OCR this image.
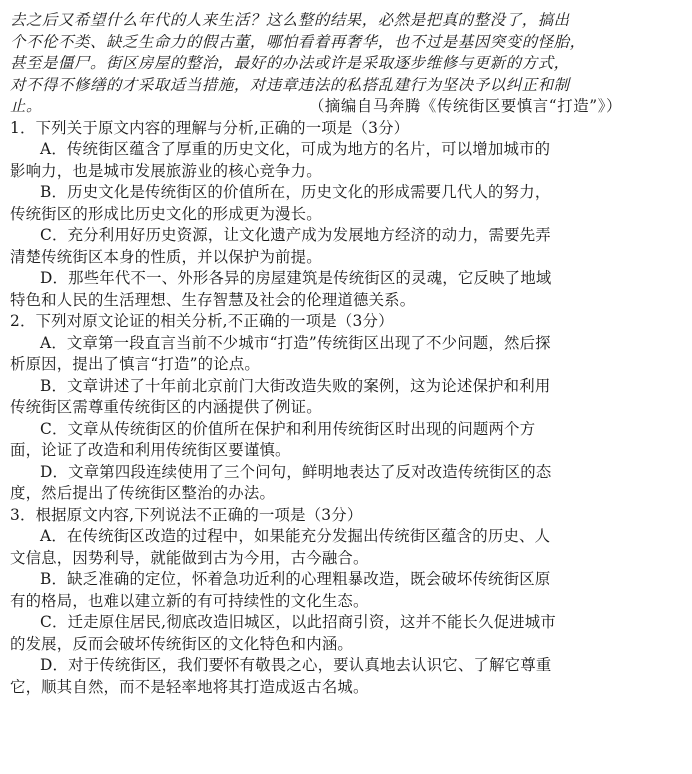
去之后又希望什么年代的人来生活？这么整的结果，必然是把真的整没了，搞出
个不伦不类、缺乏生命力的假古董，哪怕看着再奢华，也不过是基因突变的怪胎，
甚至是僵尸。街区房屋的整治，最好的办法或许是采取逐步维修与更新的方式，
对不得不修缮的才采取适当措施，对违章违法的私搭乱建行为坚决予以纠正和制
止。	（摘编自马奔腾《传统街区要慎言“打造”》）
1．下列关于原文内容的理解与分析,正确的一项是（3分）
A．传统街区蕴含了厚重的历史文化，可成为地方的名片，可以增加城市的
影响力，也是城市发展旅游业的核心竞争力。
B．历史文化是传统街区的价值所在，历史文化的形成需要几代人的努力，
传统街区的形成比历史文化的形成更为漫长。
C．充分利用好历史资源，让文化遗产成为发展地方经济的动力，需要先弄
清楚传统街区本身的性质，并以保护为前提。
D．那些年代不一、外形各异的房屋建筑是传统街区的灵魂，它反映了地域
特色和人民的生活理想、生存智慧及社会的伦理道德关系。
2．下列对原文论证的相关分析,不正确的一项是（3分）
A．文章第一段直言当前不少城市“打造”传统街区出现了不少问题，然后探
析原因，提出了慎言“打造”的论点。
B．文章讲述了十年前北京前门大街改造失败的案例，这为论述保护和利用
传统街区需尊重传统街区的内涵提供了例证。
C．文章从传统街区的价值所在保护和利用传统街区时出现的问题两个方
面，论证了改造和利用传统街区要谨慎。
D．文章第四段连续使用了三个问句，鲜明地表达了反对改造传统街区的态
度，然后提出了传统街区整治的办法。
3．根据原文内容,下列说法不正确的一项是（3分）
A．在传统街区改造的过程中，如果能充分发掘出传统街区蕴含的历史、人
文信息，因势利导，就能做到古为今用，古今融合。
B．缺乏准确的定位，怀着急功近利的心理粗暴改造，既会破坏传统街区原
有的格局，也难以建立新的有可持续性的文化生态。
C．迁走原住居民,彻底改造旧城区，以此招商引资，这并不能长久促进城市
的发展，反而会破坏传统街区的文化特色和内涵。
D．对于传统街区，我们要怀有敬畏之心，要认真地去认识它、了解它尊重
它，顺其自然，而不是轻率地将其打造成返古名城。
